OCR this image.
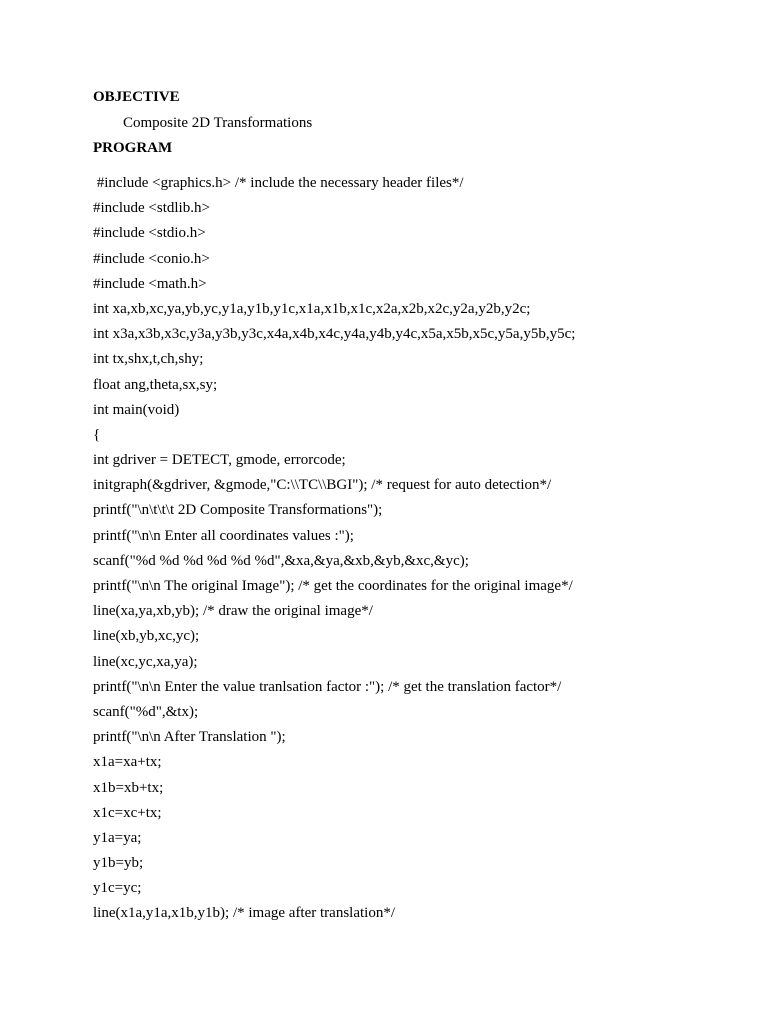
OBJECTIVE

Composite 2D Transformations

PROGRAM

#include <graphics.h> /* include the necessary header files*/
#include <stdlib.h>
#include <stdio.h>
#include <conio.h>
#include <math.h>
int xa,xb,xc,ya,yb,yc,y1a,y1b,y1c,x1a,x1b,x1c,x2a,x2b,x2c,y2a,y2b,y2c;
int x3a,x3b,x3c,y3a,y3b,y3c,x4a,x4b,x4c,y4a,y4b,y4c,x5a,x5b,x5c,y5a,y5b,y5c;
int tx,shx,t,ch,shy;
float ang,theta,sx,sy;
int main(void)
{
int gdriver = DETECT, gmode, errorcode;
initgraph(&gdriver, &gmode,"C:\\TC\\BGI"); /* request for auto detection*/
printf("\n\t\t\t 2D Composite Transformations");
printf("\n\n Enter all coordinates values :");
scanf("%d %d %d %d %d %d",&xa,&ya,&xb,&yb,&xc,&yc);
printf("\n\n The original Image"); /* get the coordinates for the original image*/
line(xa,ya,xb,yb); /* draw the original image*/
line(xb,yb,xc,yc);
line(xc,yc,xa,ya);
printf("\n\n Enter the value tranlsation factor :"); /* get the translation factor*/
scanf("%d",&tx);
printf("\n\n After Translation ");
x1a=xa+tx;
x1b=xb+tx;
x1c=xc+tx;
y1a=ya;
y1b=yb;
y1c=yc;
line(x1a,y1a,x1b,y1b); /* image after translation*/
